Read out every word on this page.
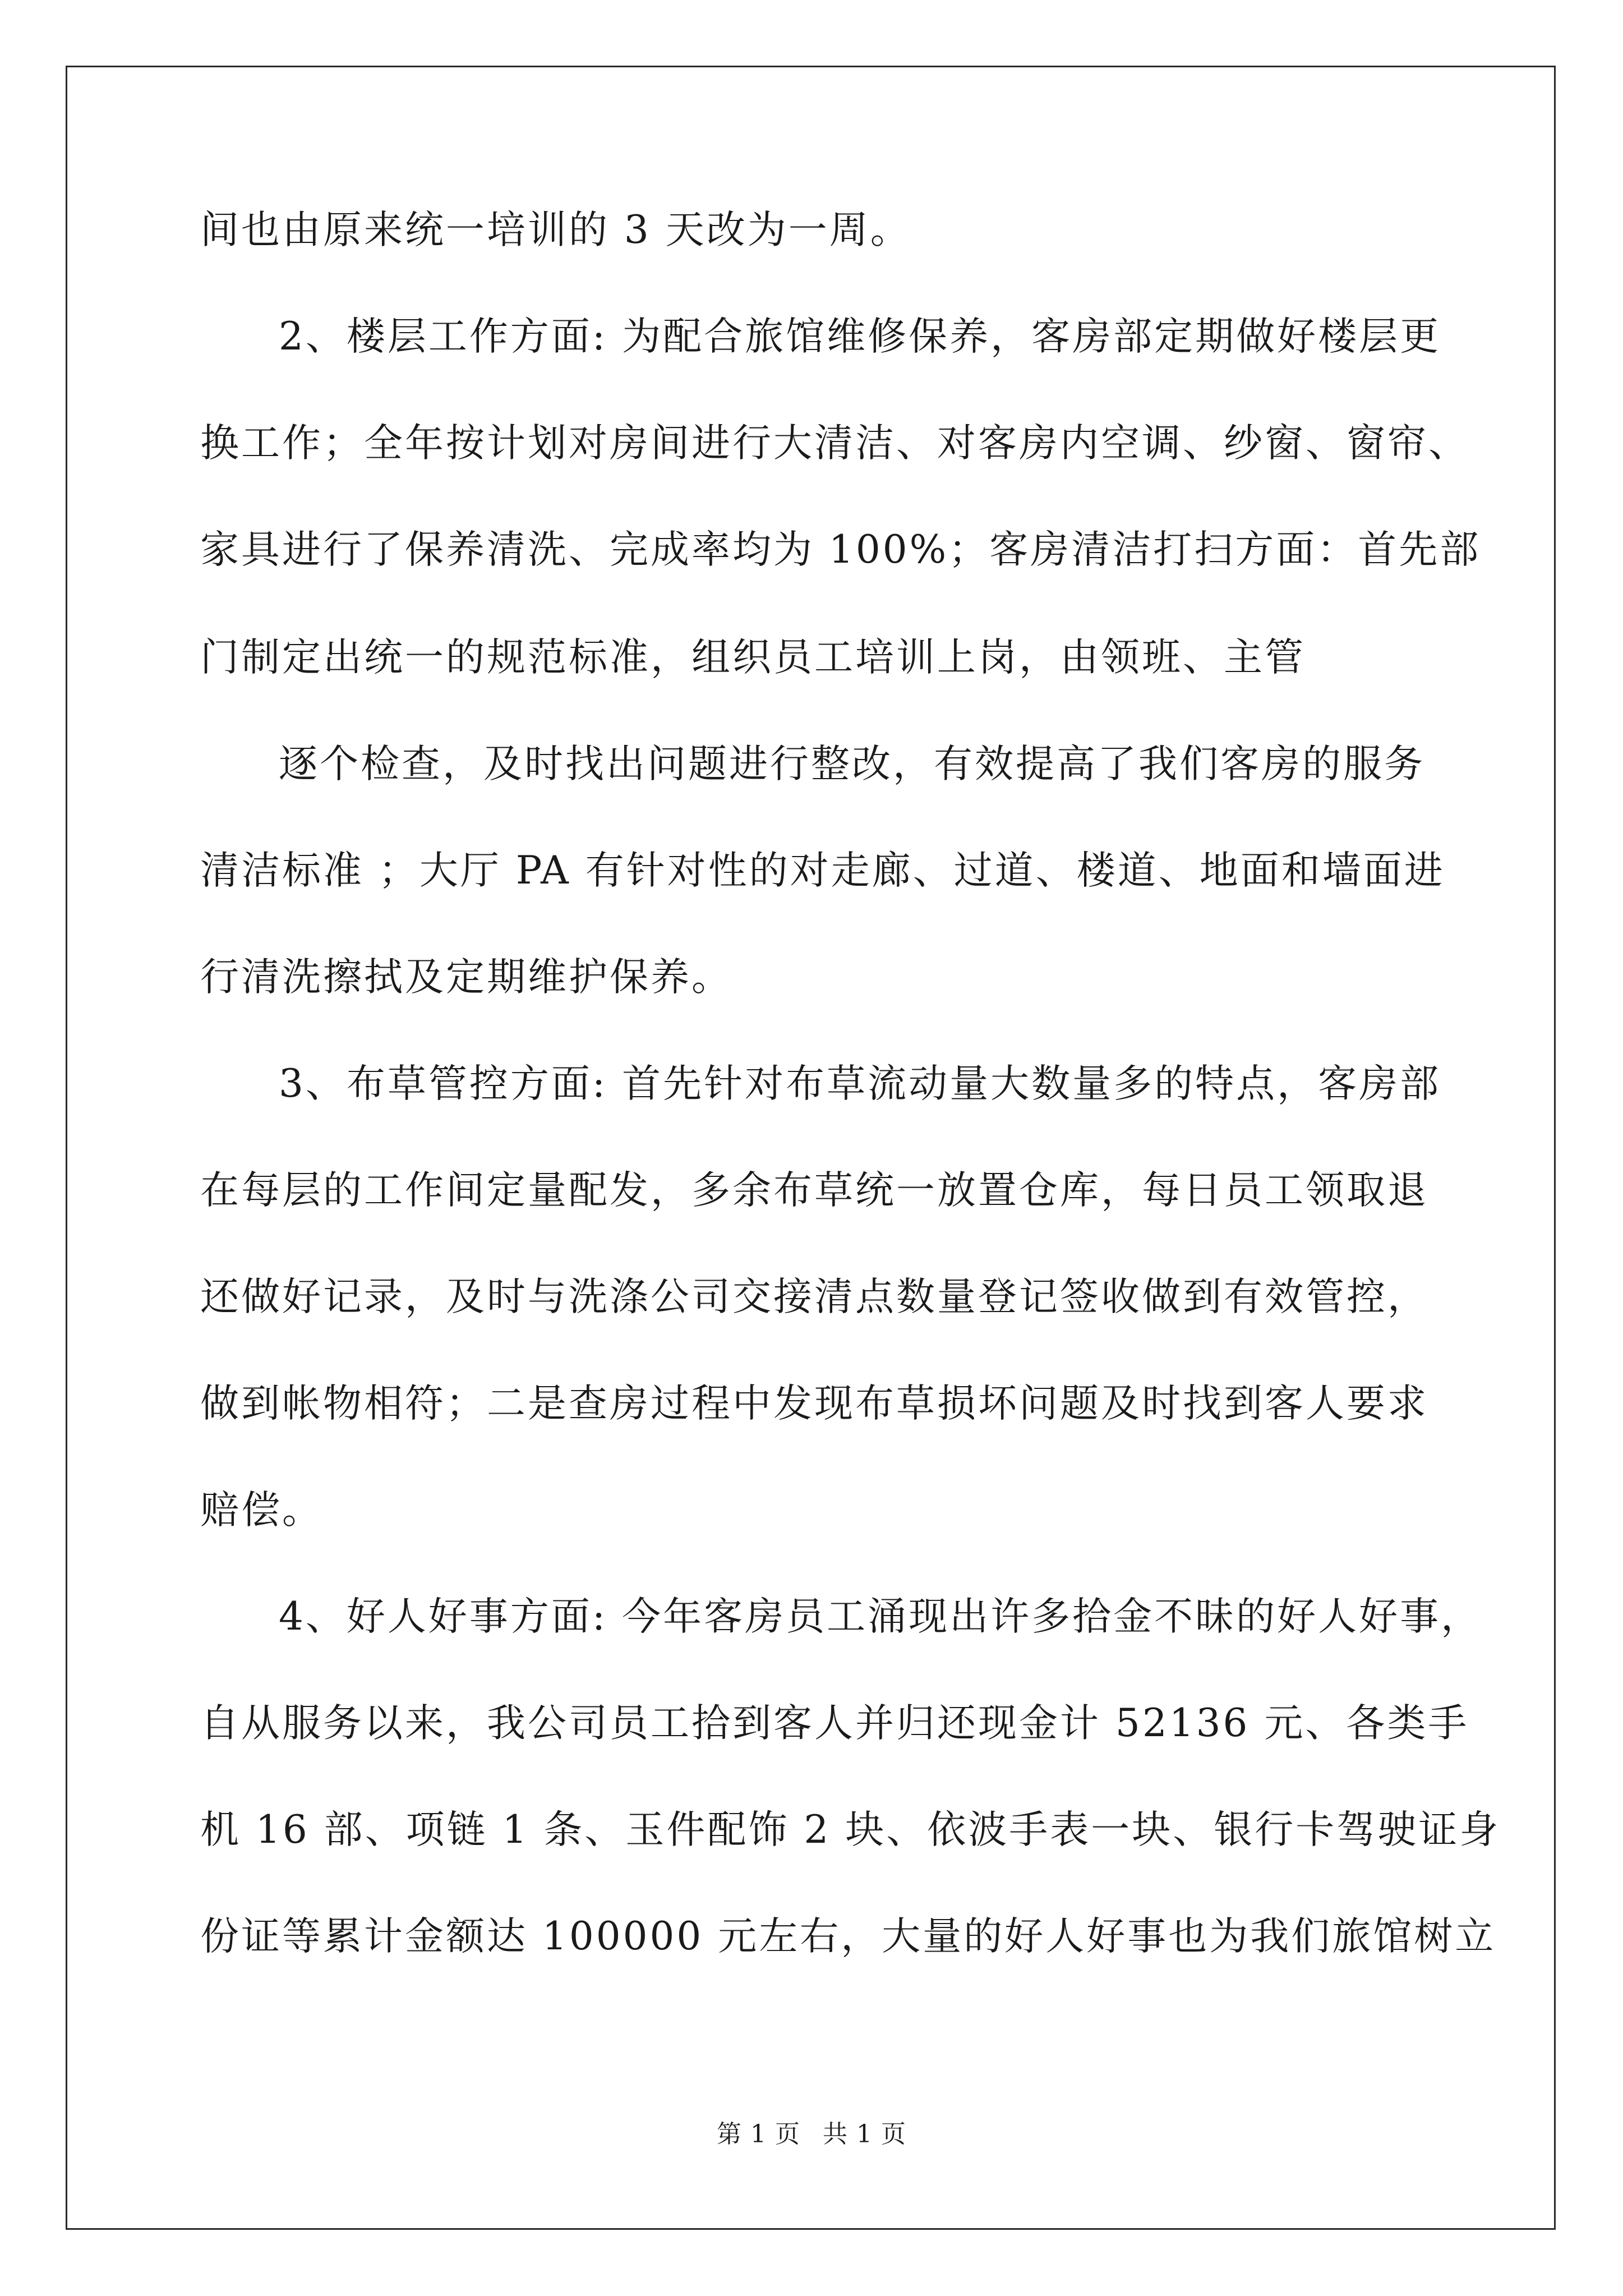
间也由原来统一培训的 3 天改为一周。
2、楼层工作方面: 为配合旅馆维修保养，客房部定期做好楼层更
换工作；全年按计划对房间进行大清洁、对客房内空调、纱窗、窗帘、
家具进行了保养清洗、完成率均为 100%；客房清洁打扫方面：首先部
门制定出统一的规范标准，组织员工培训上岗，由领班、主管
逐个检查，及时找出问题进行整改，有效提高了我们客房的服务
清洁标准 ；大厅 PA 有针对性的对走廊、过道、楼道、地面和墙面进
行清洗擦拭及定期维护保养。
3、布草管控方面: 首先针对布草流动量大数量多的特点，客房部
在每层的工作间定量配发，多余布草统一放置仓库，每日员工领取退
还做好记录，及时与洗涤公司交接清点数量登记签收做到有效管控，
做到帐物相符；二是查房过程中发现布草损坏问题及时找到客人要求
赔偿。
4、好人好事方面: 今年客房员工涌现出许多拾金不昧的好人好事，
自从服务以来，我公司员工拾到客人并归还现金计 52136 元、各类手
机 16 部、项链 1 条、玉件配饰 2 块、依波手表一块、银行卡驾驶证身
份证等累计金额达 100000 元左右，大量的好人好事也为我们旅馆树立
第 1 页 共 1 页
